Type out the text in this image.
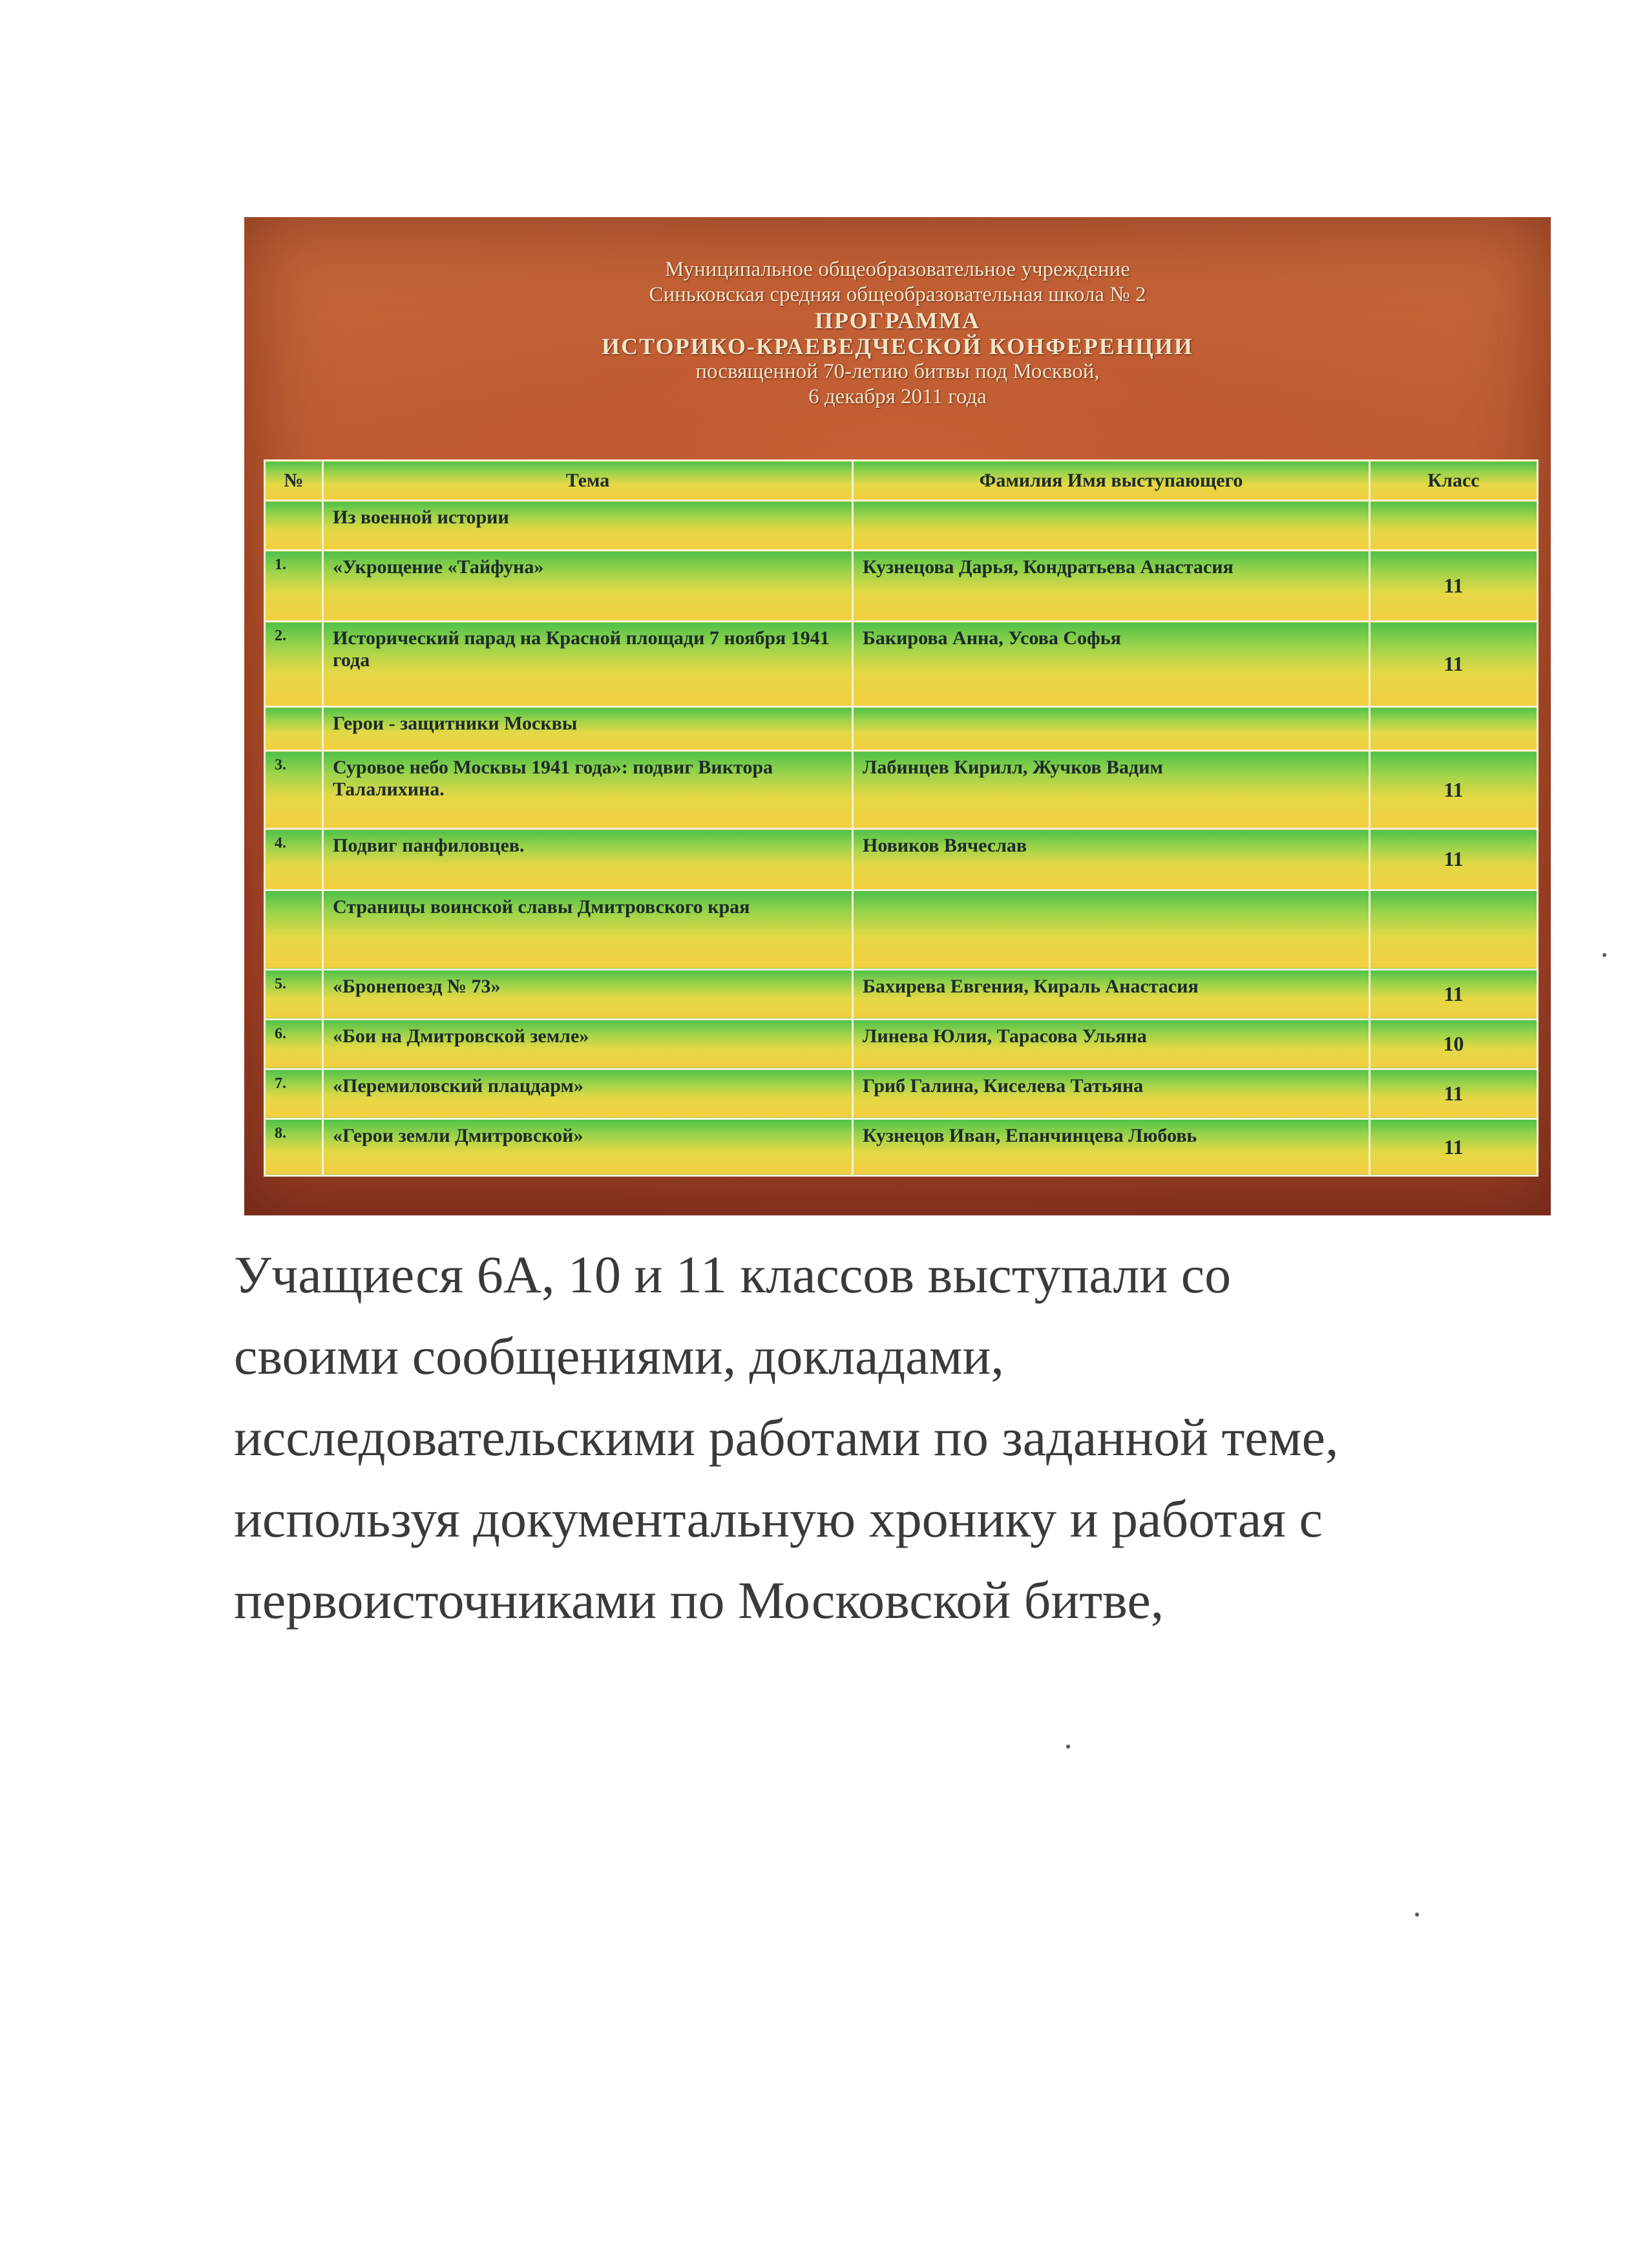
Муниципальное общеобразовательное учреждение
Синьковская средняя общеобразовательная школа № 2
ПРОГРАММА
ИСТОРИКО-КРАЕВЕДЧЕСКОЙ КОНФЕРЕНЦИИ
посвященной 70-летию битвы под Москвой,
6 декабря 2011 года
№	Тема	Фамилия Имя выступающего	Класс
	Из военной истории		
1.	«Укрощение «Тайфуна»	Кузнецова Дарья, Кондратьева Анастасия	11
2.	Исторический парад на Красной площади 7 ноября 1941 года	Бакирова Анна, Усова Софья	11
	Герои - защитники Москвы		
3.	Суровое небо Москвы 1941 года»: подвиг Виктора Талалихина.	Лабинцев Кирилл, Жучков Вадим	11
4.	Подвиг панфиловцев.	Новиков Вячеслав	11
	Страницы воинской славы Дмитровского края		
5.	«Бронепоезд № 73»	Бахирева Евгения, Кираль Анастасия	11
6.	«Бои на Дмитровской земле»	Линева Юлия, Тарасова Ульяна	10
7.	«Перемиловский плацдарм»	Гриб Галина, Киселева Татьяна	11
8.	«Герои земли Дмитровской»	Кузнецов Иван, Епанчинцева Любовь	11
Учащиеся 6А, 10 и 11 классов выступали со
своими сообщениями, докладами,
исследовательскими работами по заданной теме,
используя документальную хронику и работая с
первоисточниками по Московской битве,
